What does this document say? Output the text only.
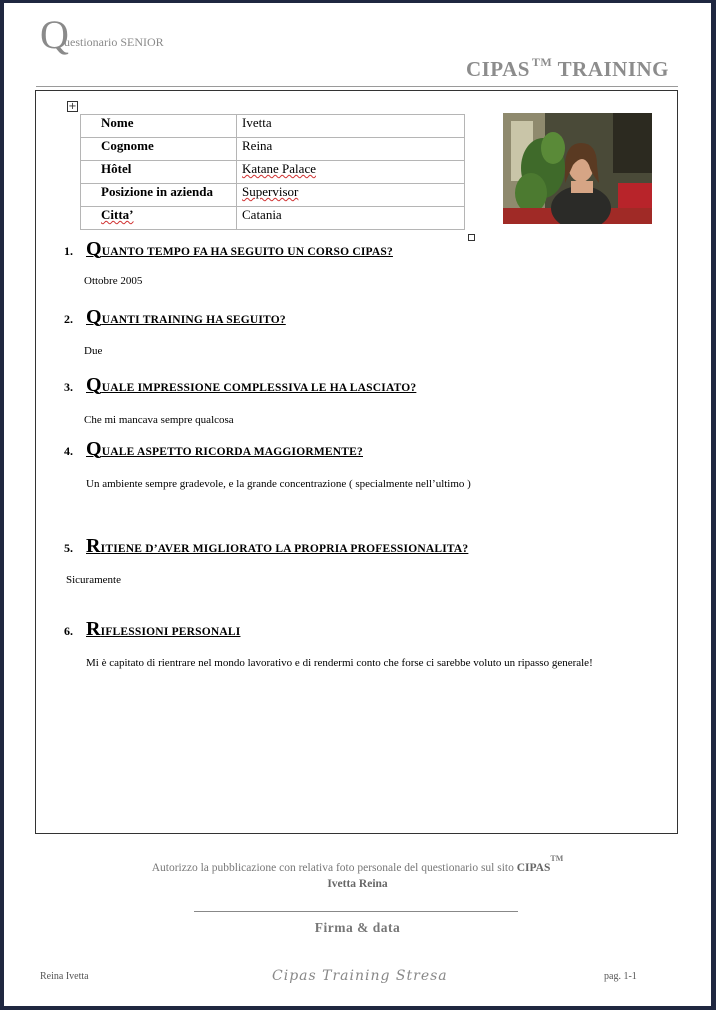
Q
uestionario SENIOR
CIPAS ™ TRAINING
+
Nome	Ivetta
Cognome	Reina
Hôtel	Katane Palace
Posizione in azienda	Supervisor
Citta’	Catania
1. QUANTO TEMPO FA HA SEGUITO UN CORSO CIPAS?
Ottobre 2005
2. QUANTI TRAINING HA SEGUITO?
Due
3. QUALE IMPRESSIONE COMPLESSIVA LE HA LASCIATO?
Che mi mancava sempre qualcosa
4. QUALE ASPETTO RICORDA MAGGIORMENTE?
Un ambiente sempre gradevole, e la grande concentrazione ( specialmente nell’ultimo )
5. RITIENE D’AVER MIGLIORATO LA PROPRIA PROFESSIONALITA?
Sicuramente
6. RIFLESSIONI PERSONALI
Mi è capitato di rientrare nel mondo lavorativo e di rendermi conto che forse ci sarebbe voluto un ripasso generale!
Autorizzo la pubblicazione con relativa foto personale del questionario sul sito CIPAS™
Ivetta Reina
Firma & data
Reina Ivetta	Cipas Training Stresa	pag. 1-1
